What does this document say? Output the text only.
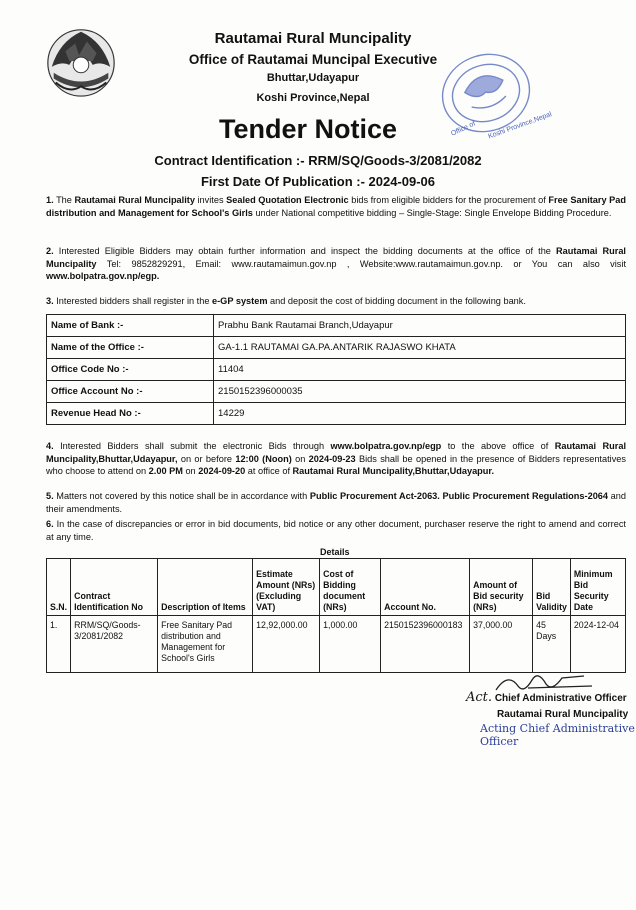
Rautamai Rural Muncipality
Office of Rautamai Muncipal Executive
Bhuttar,Udayapur
Koshi Province,Nepal
Office of Koshi Province,Nepal
Tender Notice
Contract Identification :- RRM/SQ/Goods-3/2081/2082
First Date Of Publication :- 2024-09-06
1. The Rautamai Rural Muncipality invites Sealed Quotation Electronic bids from eligible bidders for the procurement of Free Sanitary Pad distribution and Management for School's Girls under National competitive bidding – Single-Stage: Single Envelope Bidding Procedure.
2. Interested Eligible Bidders may obtain further information and inspect the bidding documents at the office of the Rautamai Rural Muncipality Tel: 9852829291, Email: www.rautamaimun.gov.np , Website:www.rautamaimun.gov.np. or You can also visit www.bolpatra.gov.np/egp.
3. Interested bidders shall register in the e-GP system and deposit the cost of bidding document in the following bank.
Name of Bank :-	Prabhu Bank Rautamai Branch,Udayapur
Name of the Office :-	GA-1.1 RAUTAMAI GA.PA.ANTARIK RAJASWO KHATA
Office Code No :-	11404
Office Account No :-	2150152396000035
Revenue Head No :-	14229
4. Interested Bidders shall submit the electronic Bids through www.bolpatra.gov.np/egp to the above office of Rautamai Rural Muncipality,Bhuttar,Udayapur, on or before 12:00 (Noon) on 2024-09-23 Bids shall be opened in the presence of Bidders representatives who choose to attend on 2.00 PM on 2024-09-20 at office of Rautamai Rural Muncipality,Bhuttar,Udayapur.
5. Matters not covered by this notice shall be in accordance with Public Procurement Act-2063. Public Procurement Regulations-2064 and their amendments.
6. In the case of discrepancies or error in bid documents, bid notice or any other document, purchaser reserve the right to amend and correct at any time.
Details
S.N.	Contract Identification No	Description of Items	Estimate Amount (NRs) (Excluding VAT)	Cost of Bidding document (NRs)	Account No.	Amount of Bid security (NRs)	Bid Validity	Minimum Bid Security Date
1.	RRM/SQ/Goods-3/2081/2082	Free Sanitary Pad distribution and Management for School's Girls	12,92,000.00	1,000.00	2150152396000183	37,000.00	45 Days	2024-12-04
Act. Chief Administrative Officer
Rautamai Rural Muncipality
Acting Chief Administrative Officer
